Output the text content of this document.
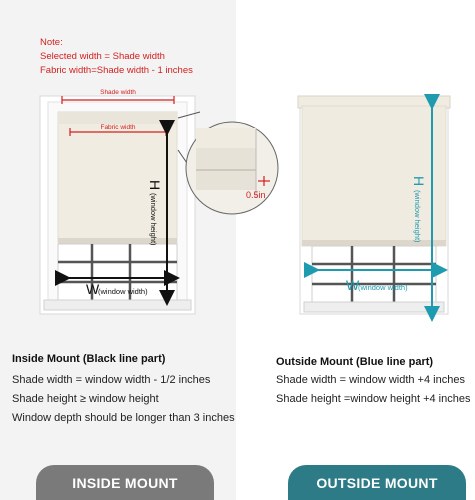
Note:
Selected width = Shade width
Fabric width=Shade width - 1 inches
Shade width
Fabric width
0.5in
H
(window height)
W
(window width)
H
(window height)
W
(window width)
Inside Mount (Black line part)
Shade width = window width - 1/2 inches
Shade height ≥ window height
Window depth should be longer than 3 inches
Outside Mount (Blue line part)
Shade width = window width +4 inches
Shade height =window height +4 inches
INSIDE MOUNT	OUTSIDE MOUNT
